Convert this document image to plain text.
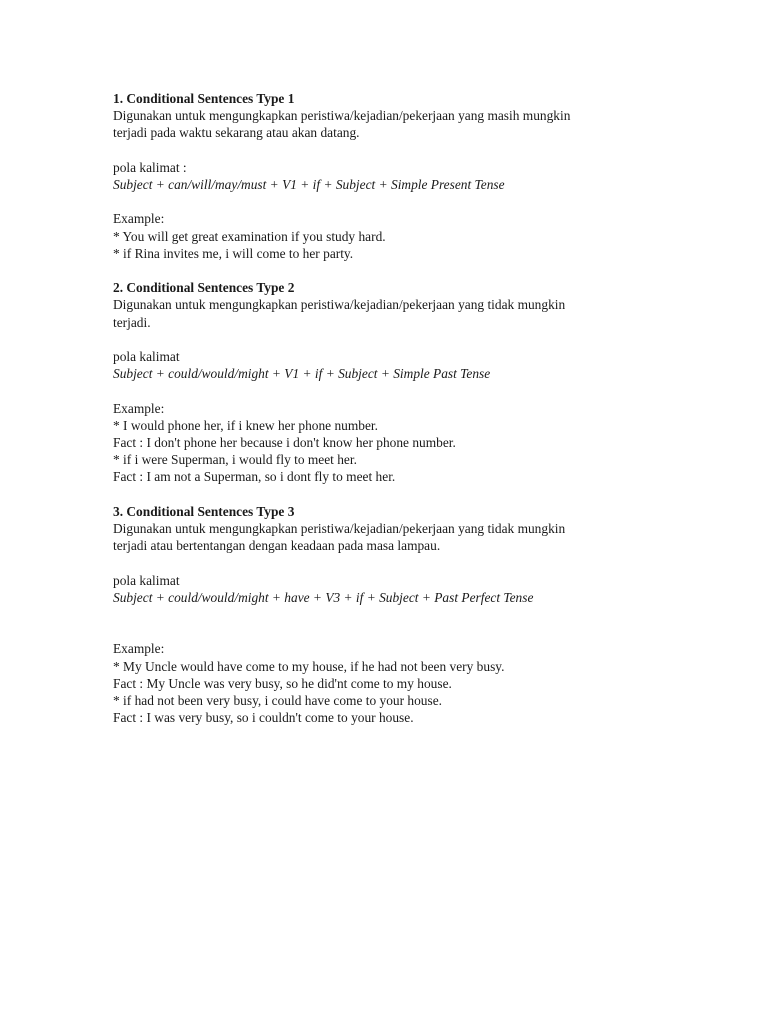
1. Conditional Sentences Type 1
Digunakan untuk mengungkapkan peristiwa/kejadian/pekerjaan yang masih mungkin
terjadi pada waktu sekarang atau akan datang.
pola kalimat :
Subject + can/will/may/must + V1 + if + Subject + Simple Present Tense
Example:
* You will get great examination if you study hard.
* if Rina invites me, i will come to her party.
2. Conditional Sentences Type 2
Digunakan untuk mengungkapkan peristiwa/kejadian/pekerjaan yang tidak mungkin
terjadi.
pola kalimat
Subject + could/would/might + V1 + if + Subject + Simple Past Tense
Example:
* I would phone her, if i knew her phone number.
Fact : I don't phone her because i don't know her phone number.
* if i were Superman, i would fly to meet her.
Fact : I am not a Superman, so i dont fly to meet her.
3. Conditional Sentences Type 3
Digunakan untuk mengungkapkan peristiwa/kejadian/pekerjaan yang tidak mungkin
terjadi atau bertentangan dengan keadaan pada masa lampau.
pola kalimat
Subject + could/would/might + have + V3 + if + Subject + Past Perfect Tense
Example:
* My Uncle would have come to my house, if he had not been very busy.
Fact : My Uncle was very busy, so he did'nt come to my house.
* if had not been very busy, i could have come to your house.
Fact : I was very busy, so i couldn't come to your house.
